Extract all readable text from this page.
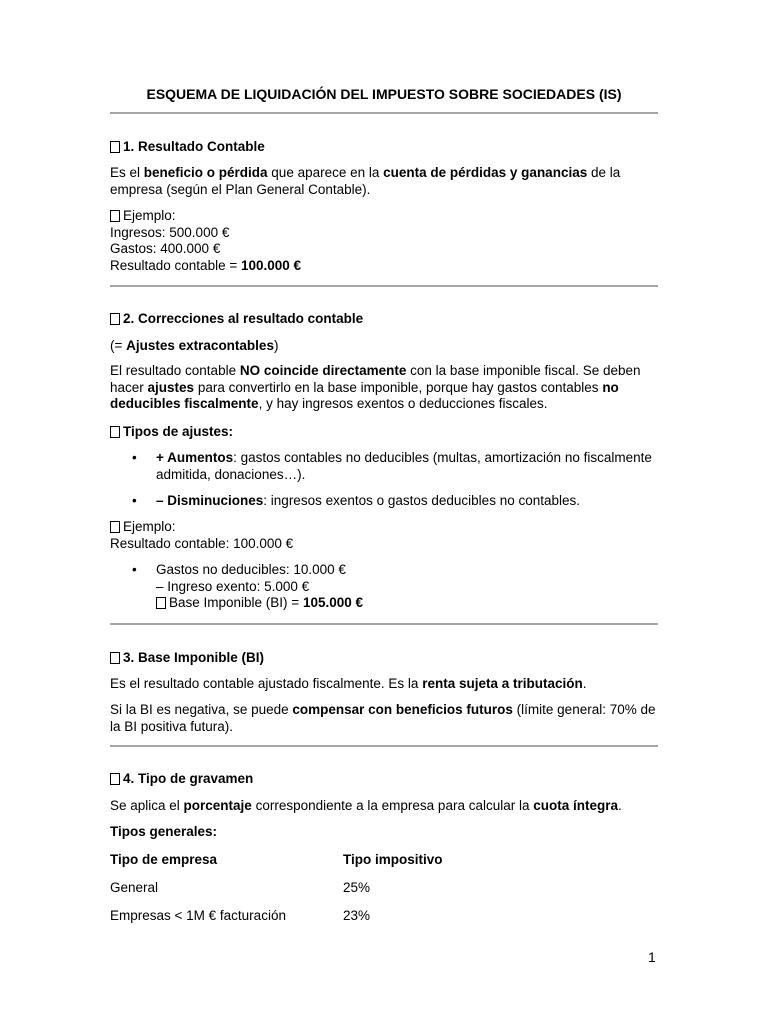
ESQUEMA DE LIQUIDACIÓN DEL IMPUESTO SOBRE SOCIEDADES (IS)
1. Resultado Contable
Es el beneficio o pérdida que aparece en la cuenta de pérdidas y ganancias de la empresa (según el Plan General Contable).
Ejemplo:
Ingresos: 500.000 €
Gastos: 400.000 €
Resultado contable = 100.000 €
2. Correcciones al resultado contable
(= Ajustes extracontables)
El resultado contable NO coincide directamente con la base imponible fiscal. Se deben hacer ajustes para convertirlo en la base imponible, porque hay gastos contables no deducibles fiscalmente, y hay ingresos exentos o deducciones fiscales.
Tipos de ajustes:
• + Aumentos: gastos contables no deducibles (multas, amortización no fiscalmente admitida, donaciones…).
• – Disminuciones: ingresos exentos o gastos deducibles no contables.
Ejemplo:
Resultado contable: 100.000 €
• Gastos no deducibles: 10.000 €
– Ingreso exento: 5.000 €
Base Imponible (BI) = 105.000 €
3. Base Imponible (BI)
Es el resultado contable ajustado fiscalmente. Es la renta sujeta a tributación.
Si la BI es negativa, se puede compensar con beneficios futuros (límite general: 70% de la BI positiva futura).
4. Tipo de gravamen
Se aplica el porcentaje correspondiente a la empresa para calcular la cuota íntegra.
Tipos generales:
Tipo de empresa	Tipo impositivo
General	25%
Empresas < 1M € facturación	23%
1
